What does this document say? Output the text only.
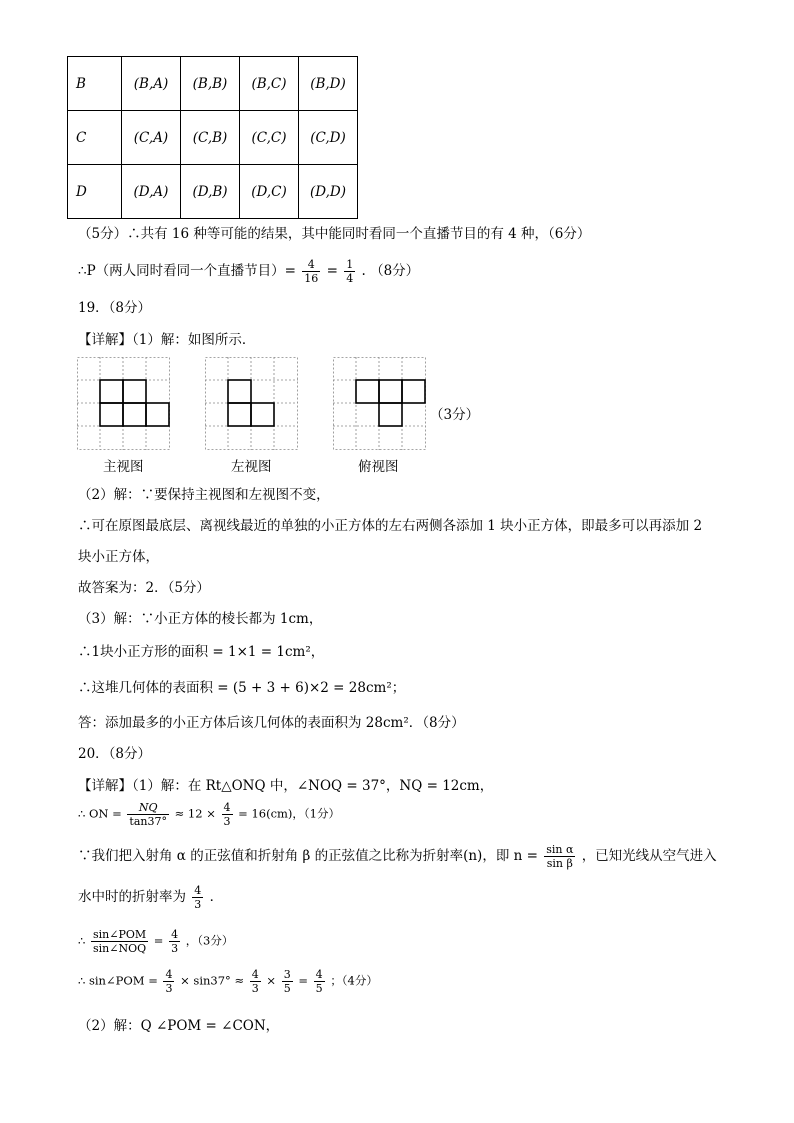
B	(B,A)	(B,B)	(B,C)	(B,D)
C	(C,A)	(C,B)	(C,C)	(C,D)
D	(D,A)	(D,B)	(D,C)	(D,D)
（5分）∴共有 16 种等可能的结果，其中能同时看同一个直播节目的有 4 种，（6分）
∴P（两人同时看同一个直播节目）= $\frac{4}{16} = \frac{1}{4}$ . （8分）
19．（8分）
【详解】（1）解：如图所示．
（3分）
主视图	左视图	俯视图
（2）解：∵要保持主视图和左视图不变，
∴可在原图最底层、离视线最近的单独的小正方体的左右两侧各添加 1 块小正方体，即最多可以再添加 2
块小正方体，
故答案为：2．（5分）
（3）解：∵小正方体的棱长都为 1cm，
∴1块小正方形的面积 = 1×1 = 1cm²，
∴这堆几何体的表面积 = (5 + 3 + 6)×2 = 28cm²；
答：添加最多的小正方体后该几何体的表面积为 28cm²．（8分）
20．（8分）
【详解】（1）解：在 Rt△ONQ 中，∠NOQ = 37°，NQ = 12cm，
∴ ON = $\frac{NQ}{\tan 37^\circ} \approx 12 \times \frac{4}{3} = 16(cm)$，（1分）
∵我们把入射角 α 的正弦值和折射角 β 的正弦值之比称为折射率(n)，即 $n = \frac{\text{sin α}}{\text{sin β}}$ ，已知光线从空气进入
水中时的折射率为 $\frac{4}{3}$ ．
∴ $\frac{\text{sin∠POM}}{\text{sin∠NOQ}} = \frac{4}{3}$ ，（3分）
∴ sin∠POM = $\frac{4}{3} \times \sin 37^\circ \approx \frac{4}{3} \times \frac{3}{5} = \frac{4}{5}$ ；（4分）
（2）解：Q ∠POM = ∠CON，
